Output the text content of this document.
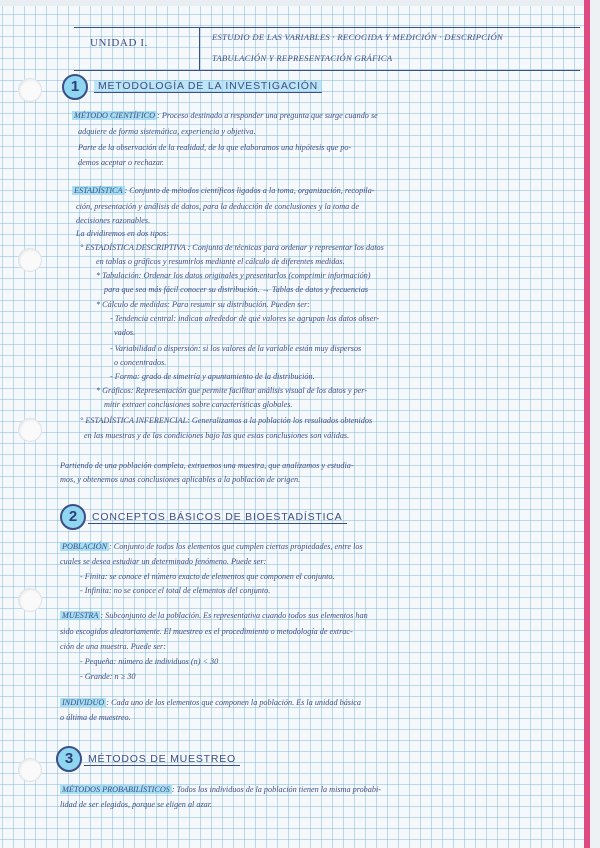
UNIDAD I.	ESTUDIO DE LAS VARIABLES · RECOGIDA Y MEDICIÓN · DESCRIPCIÓN
TABULACIÓN Y REPRESENTACIÓN GRÁFICA
1	METODOLOGÍA DE LA INVESTIGACIÓN
MÉTODO CIENTÍFICO : Proceso destinado a responder una pregunta que surge cuando se
adquiere de forma sistemática, experiencia y objetiva.
Parte de la observación de la realidad, de lo que elaboramos una hipótesis que po-
demos aceptar o rechazar.
ESTADÍSTICA : Conjunto de métodos científicos ligados a la toma, organización, recopila-
ción, presentación y análisis de datos, para la deducción de conclusiones y la toma de
decisiones razonables.
La dividiremos en dos tipos:
° ESTADÍSTICA DESCRIPTIVA : Conjunto de técnicas para ordenar y representar los datos
en tablas o gráficos y resumirlos mediante el cálculo de diferentes medidas.
* Tabulación: Ordenar los datos originales y presentarlos (comprimir información)
para que sea más fácil conocer su distribución. → Tablas de datos y frecuencias
* Cálculo de medidas: Para resumir su distribución. Pueden ser:
- Tendencia central: indican alrededor de qué valores se agrupan los datos obser-
vados.
- Variabilidad o dispersión: si los valores de la variable están muy dispersos
o concentrados.
- Forma: grado de simetría y apuntamiento de la distribución.
* Gráficos: Representación que permite facilitar análisis visual de los datos y per-
mitir extraer conclusiones sobre características globales.
° ESTADÍSTICA INFERENCIAL: Generalizamos a la población los resultados obtenidos
en las muestras y de las condiciones bajo las que estas conclusiones son válidas.
Partiendo de una población completa, extraemos una muestra, que analizamos y estudia-
mos, y obtenemos unas conclusiones aplicables a la población de origen.
2	CONCEPTOS BÁSICOS DE BIOESTADÍSTICA
POBLACIÓN : Conjunto de todos los elementos que cumplen ciertas propiedades, entre los
cuales se desea estudiar un determinado fenómeno. Puede ser:
- Finita: se conoce el número exacto de elementos que componen el conjunto.
- Infinita: no se conoce el total de elementos del conjunto.
MUESTRA : Subconjunto de la población. Es representativa cuando todos sus elementos han
sido escogidos aleatoriamente. El muestreo es el procedimiento o metodología de extrac-
ción de una muestra. Puede ser:
- Pequeña: número de individuos (n) < 30
- Grande: n ≥ 30
INDIVIDUO : Cada uno de los elementos que componen la población. Es la unidad básica
o última de muestreo.
3	MÉTODOS DE MUESTREO
MÉTODOS PROBABILÍSTICOS : Todos los individuos de la población tienen la misma probabi-
lidad de ser elegidos, porque se eligen al azar.
